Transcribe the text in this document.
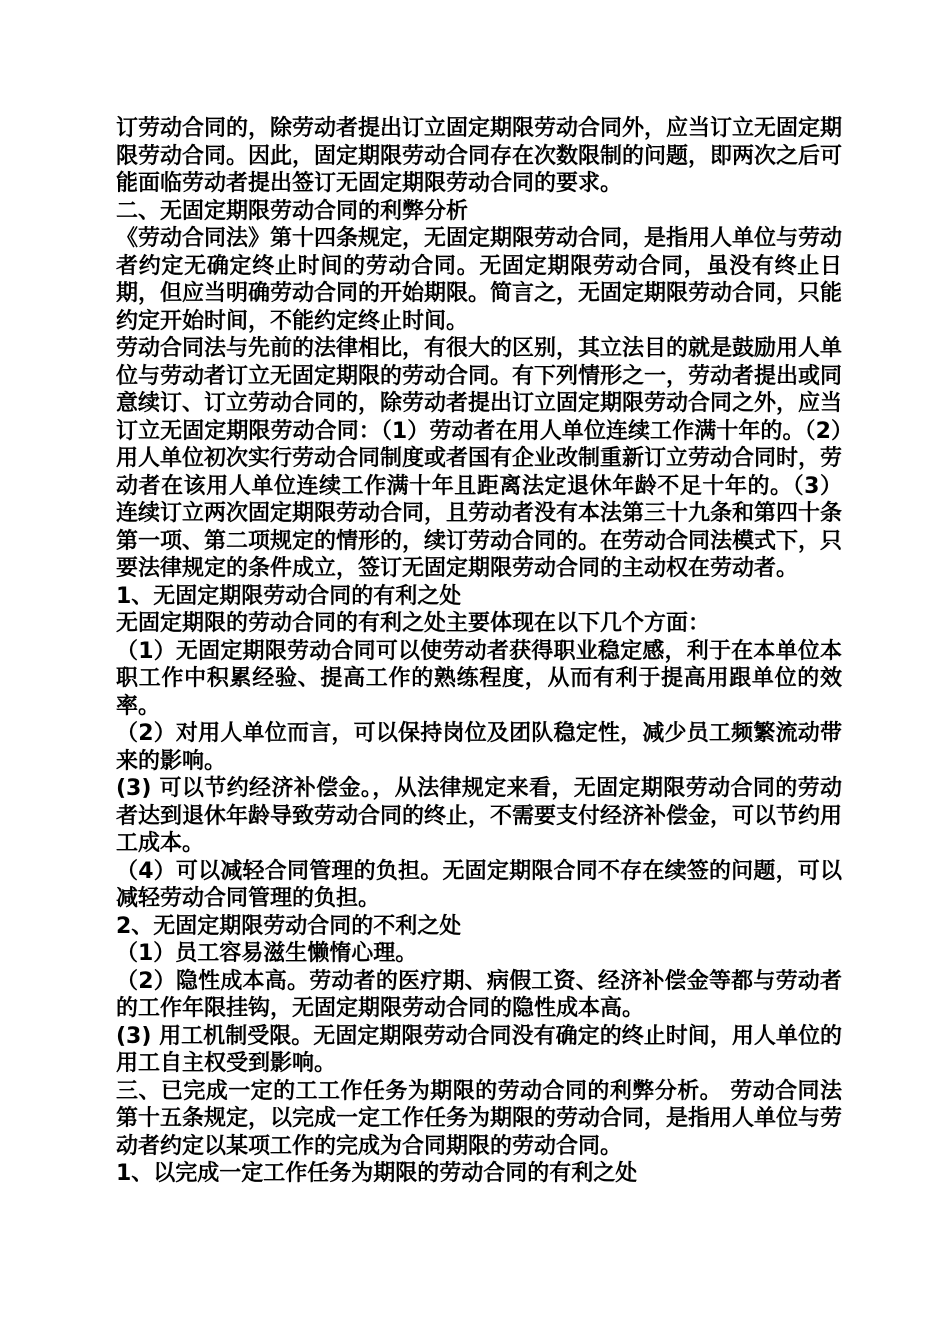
订劳动合同的，除劳动者提出订立固定期限劳动合同外，应当订立无固定期限劳动合同。因此，固定期限劳动合同存在次数限制的问题，即两次之后可能面临劳动者提出签订无固定期限劳动合同的要求。

二、无固定期限劳动合同的利弊分析

《劳动合同法》第十四条规定，无固定期限劳动合同，是指用人单位与劳动者约定无确定终止时间的劳动合同。无固定期限劳动合同，虽没有终止日期，但应当明确劳动合同的开始期限。简言之，无固定期限劳动合同，只能约定开始时间，不能约定终止时间。

劳动合同法与先前的法律相比，有很大的区别，其立法目的就是鼓励用人单位与劳动者订立无固定期限的劳动合同。有下列情形之一，劳动者提出或同意续订、订立劳动合同的，除劳动者提出订立固定期限劳动合同之外，应当订立无固定期限劳动合同：（1）劳动者在用人单位连续工作满十年的。（2）用人单位初次实行劳动合同制度或者国有企业改制重新订立劳动合同时，劳动者在该用人单位连续工作满十年且距离法定退休年龄不足十年的。（3）连续订立两次固定期限劳动合同，且劳动者没有本法第三十九条和第四十条第一项、第二项规定的情形的，续订劳动合同的。在劳动合同法模式下，只要法律规定的条件成立，签订无固定期限劳动合同的主动权在劳动者。

1、无固定期限劳动合同的有利之处

无固定期限的劳动合同的有利之处主要体现在以下几个方面：

（1）无固定期限劳动合同可以使劳动者获得职业稳定感，利于在本单位本职工作中积累经验、提高工作的熟练程度，从而有利于提高用跟单位的效率。

（2）对用人单位而言，可以保持岗位及团队稳定性，减少员工频繁流动带来的影响。

(3) 可以节约经济补偿金。，从法律规定来看，无固定期限劳动合同的劳动者达到退休年龄导致劳动合同的终止，不需要支付经济补偿金，可以节约用工成本。

（4）可以减轻合同管理的负担。无固定期限合同不存在续签的问题，可以减轻劳动合同管理的负担。

2、无固定期限劳动合同的不利之处

（1）员工容易滋生懒惰心理。

（2）隐性成本高。劳动者的医疗期、病假工资、经济补偿金等都与劳动者的工作年限挂钩，无固定期限劳动合同的隐性成本高。

(3) 用工机制受限。无固定期限劳动合同没有确定的终止时间，用人单位的用工自主权受到影响。

三、已完成一定的工工作任务为期限的劳动合同的利弊分析。 劳动合同法第十五条规定，以完成一定工作任务为期限的劳动合同，是指用人单位与劳动者约定以某项工作的完成为合同期限的劳动合同。

1、以完成一定工作任务为期限的劳动合同的有利之处
